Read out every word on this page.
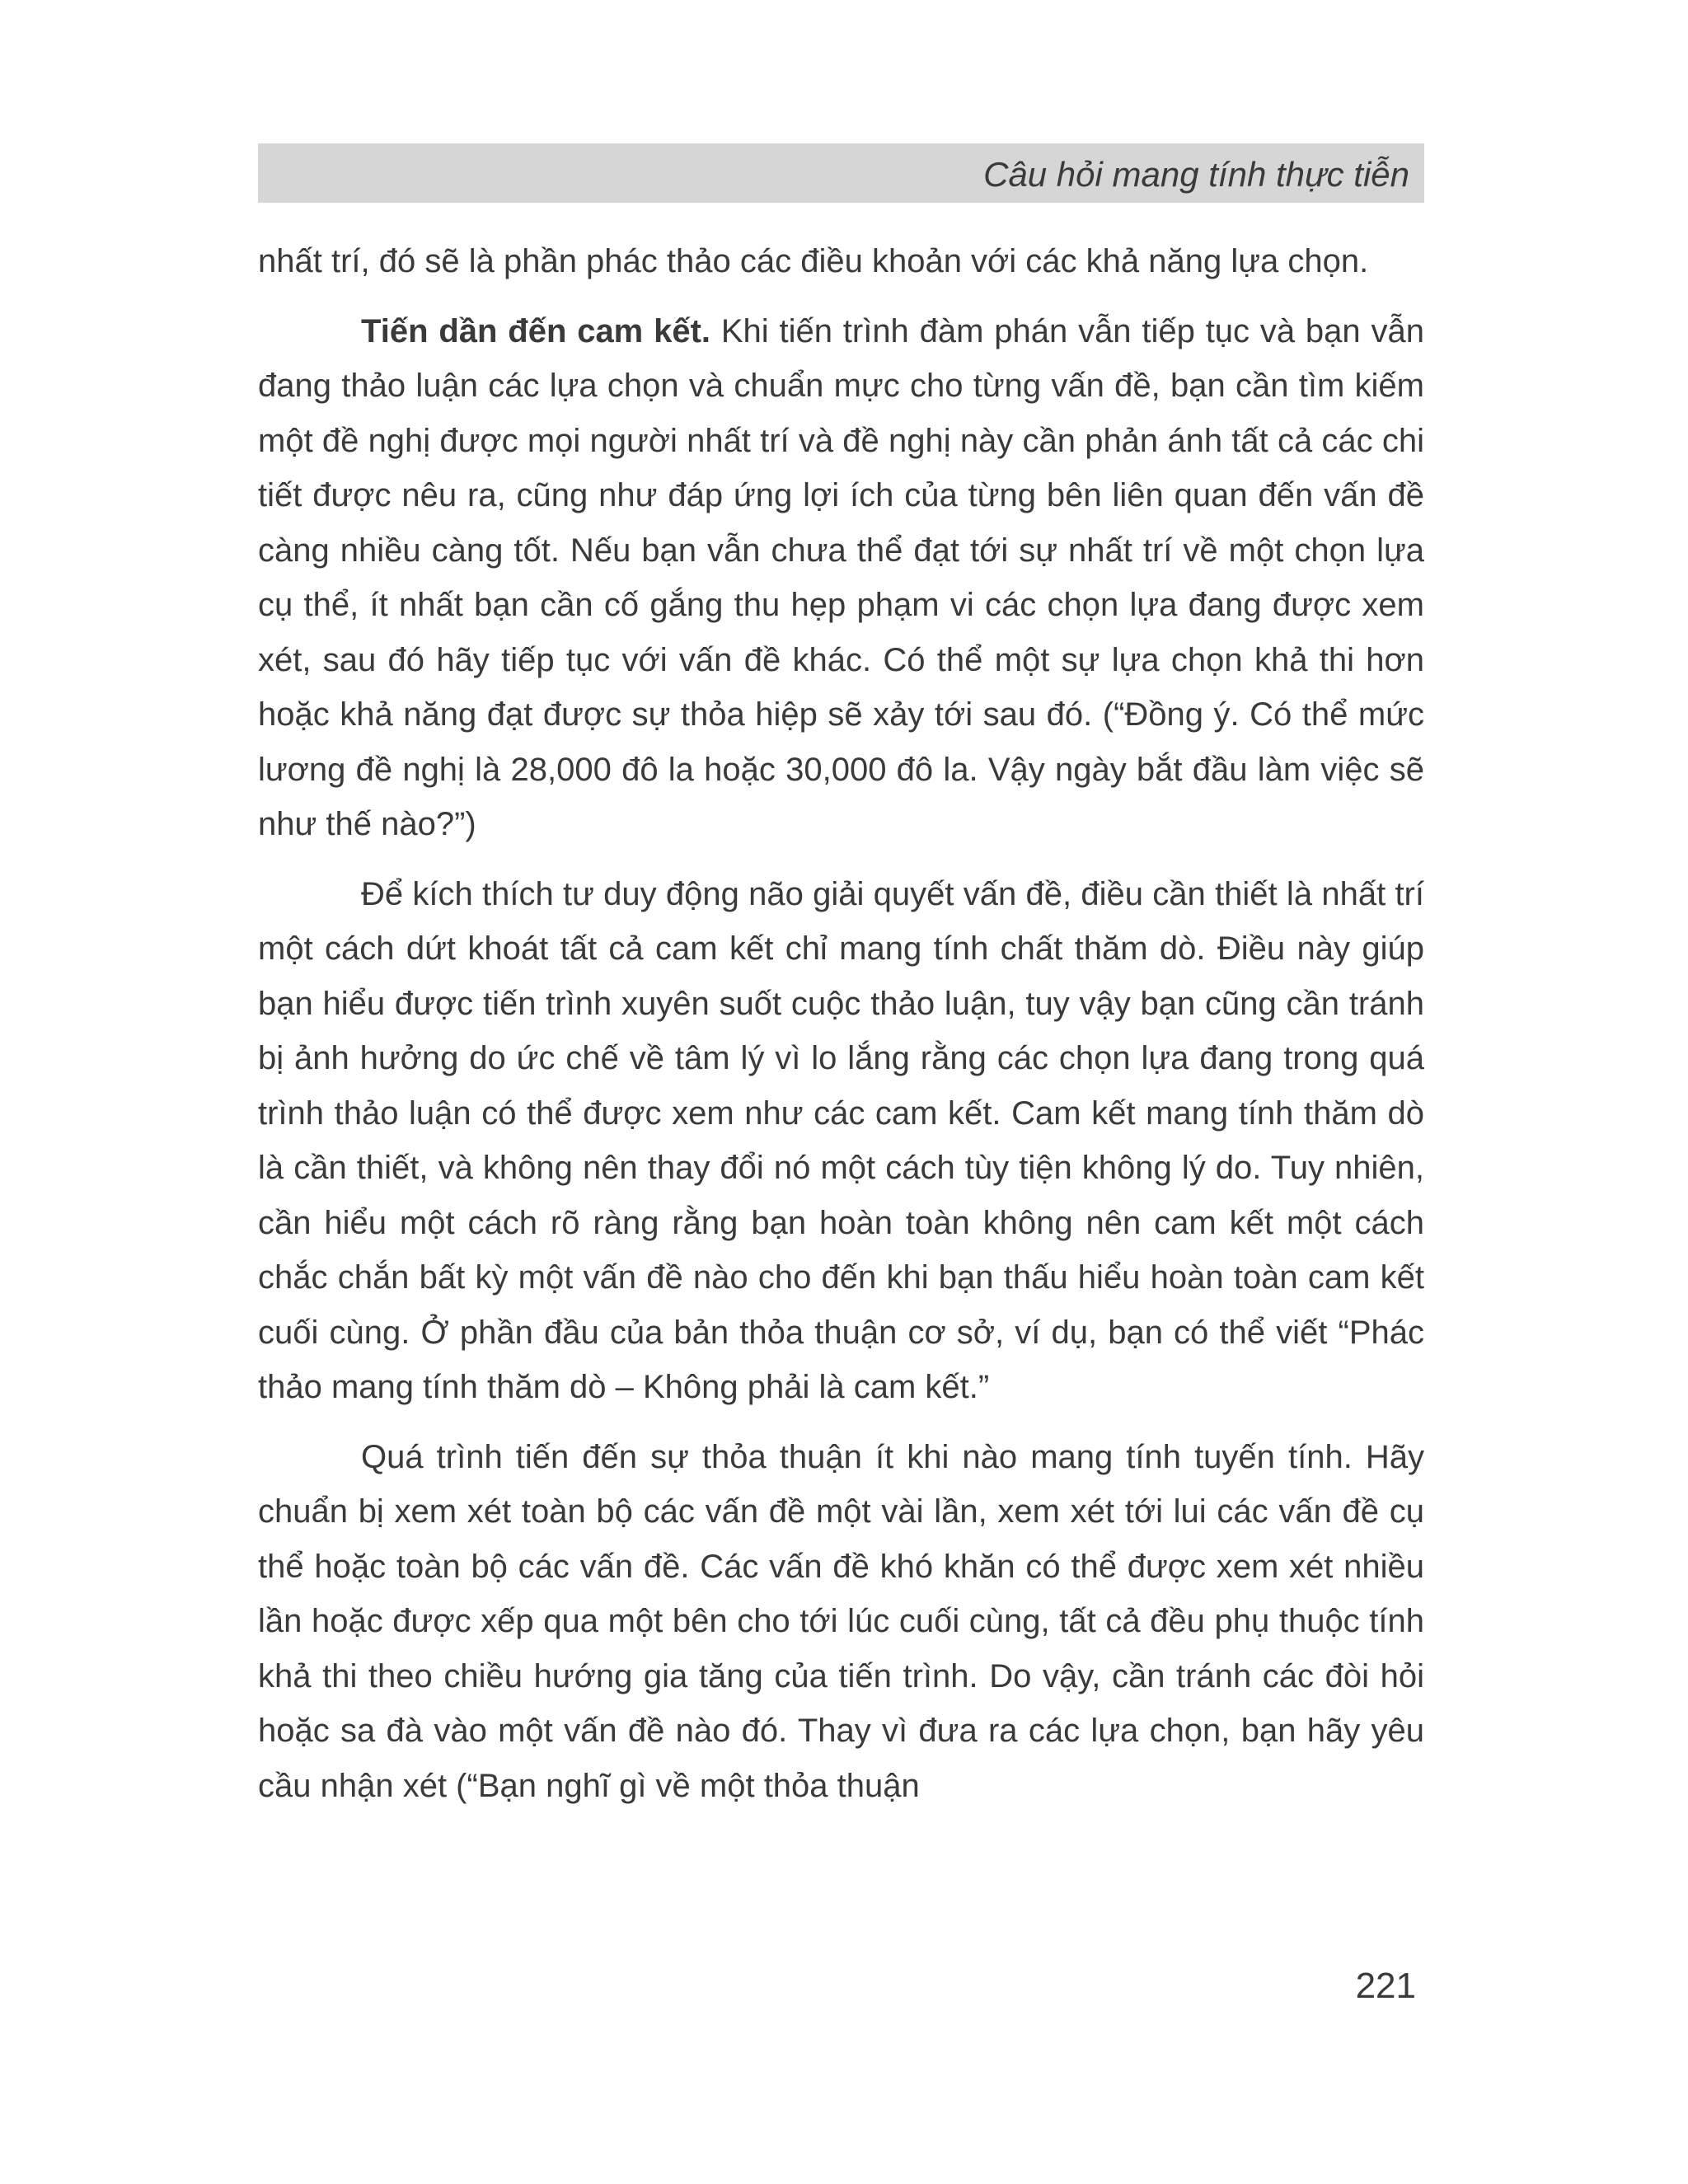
Câu hỏi mang tính thực tiễn

nhất trí, đó sẽ là phần phác thảo các điều khoản với các khả năng lựa chọn.

Tiến dần đến cam kết. Khi tiến trình đàm phán vẫn tiếp tục và bạn vẫn đang thảo luận các lựa chọn và chuẩn mực cho từng vấn đề, bạn cần tìm kiếm một đề nghị được mọi người nhất trí và đề nghị này cần phản ánh tất cả các chi tiết được nêu ra, cũng như đáp ứng lợi ích của từng bên liên quan đến vấn đề càng nhiều càng tốt. Nếu bạn vẫn chưa thể đạt tới sự nhất trí về một chọn lựa cụ thể, ít nhất bạn cần cố gắng thu hẹp phạm vi các chọn lựa đang được xem xét, sau đó hãy tiếp tục với vấn đề khác. Có thể một sự lựa chọn khả thi hơn hoặc khả năng đạt được sự thỏa hiệp sẽ xảy tới sau đó. (“Đồng ý. Có thể mức lương đề nghị là 28,000 đô la hoặc 30,000 đô la. Vậy ngày bắt đầu làm việc sẽ như thế nào?”)

Để kích thích tư duy động não giải quyết vấn đề, điều cần thiết là nhất trí một cách dứt khoát tất cả cam kết chỉ mang tính chất thăm dò. Điều này giúp bạn hiểu được tiến trình xuyên suốt cuộc thảo luận, tuy vậy bạn cũng cần tránh bị ảnh hưởng do ức chế về tâm lý vì lo lắng rằng các chọn lựa đang trong quá trình thảo luận có thể được xem như các cam kết. Cam kết mang tính thăm dò là cần thiết, và không nên thay đổi nó một cách tùy tiện không lý do. Tuy nhiên, cần hiểu một cách rõ ràng rằng bạn hoàn toàn không nên cam kết một cách chắc chắn bất kỳ một vấn đề nào cho đến khi bạn thấu hiểu hoàn toàn cam kết cuối cùng. Ở phần đầu của bản thỏa thuận cơ sở, ví dụ, bạn có thể viết “Phác thảo mang tính thăm dò – Không phải là cam kết.”

Quá trình tiến đến sự thỏa thuận ít khi nào mang tính tuyến tính. Hãy chuẩn bị xem xét toàn bộ các vấn đề một vài lần, xem xét tới lui các vấn đề cụ thể hoặc toàn bộ các vấn đề. Các vấn đề khó khăn có thể được xem xét nhiều lần hoặc được xếp qua một bên cho tới lúc cuối cùng, tất cả đều phụ thuộc tính khả thi theo chiều hướng gia tăng của tiến trình. Do vậy, cần tránh các đòi hỏi hoặc sa đà vào một vấn đề nào đó. Thay vì đưa ra các lựa chọn, bạn hãy yêu cầu nhận xét (“Bạn nghĩ gì về một thỏa thuận

221
